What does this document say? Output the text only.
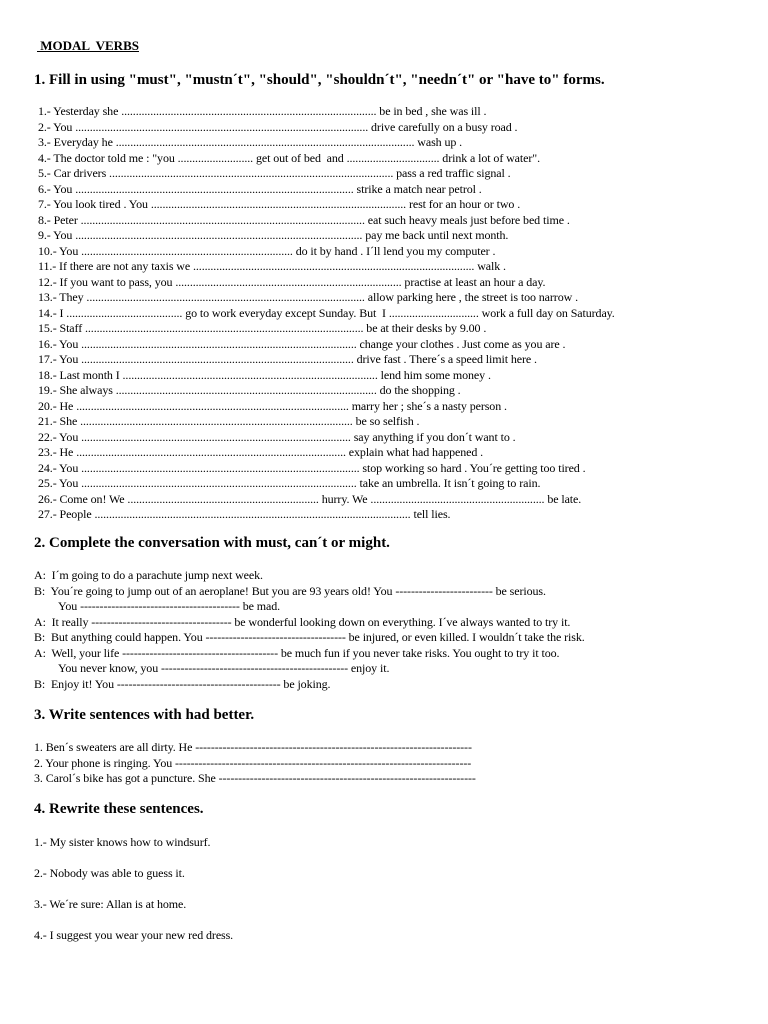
MODAL  VERBS
1. Fill in using "must", "mustn´t", "should", "shouldn´t", "needn´t" or "have to" forms.
1.- Yesterday she ........................................................................................ be in bed , she was ill .
2.- You ..................................................................................................... drive carefully on a busy road .
3.- Everyday he ....................................................................................................... wash up .
4.- The doctor told me : "you .......................... get out of bed  and ................................ drink a lot of water".
5.- Car drivers .................................................................................................. pass a red traffic signal .
6.- You ................................................................................................ strike a match near petrol .
7.- You look tired . You ........................................................................................ rest for an hour or two .
8.- Peter .................................................................................................. eat such heavy meals just before bed time .
9.- You ................................................................................................... pay me back until next month.
10.- You ......................................................................... do it by hand . I´ll lend you my computer .
11.- If there are not any taxis we ................................................................................................. walk .
12.- If you want to pass, you .............................................................................. practise at least an hour a day.
13.- They ................................................................................................ allow parking here , the street is too narrow .
14.- I ........................................ go to work everyday except Sunday. But  I ............................... work a full day on Saturday.
15.- Staff ................................................................................................ be at their desks by 9.00 .
16.- You ............................................................................................... change your clothes . Just come as you are .
17.- You .............................................................................................. drive fast . There´s a speed limit here .
18.- Last month I ........................................................................................ lend him some money .
19.- She always .......................................................................................... do the shopping .
20.- He .............................................................................................. marry her ; she´s a nasty person .
21.- She .............................................................................................. be so selfish .
22.- You ............................................................................................. say anything if you don´t want to .
23.- He ............................................................................................. explain what had happened .
24.- You ................................................................................................ stop working so hard . You´re getting too tired .
25.- You ............................................................................................... take an umbrella. It isn´t going to rain.
26.- Come on! We .................................................................. hurry. We ............................................................ be late.
27.- People ............................................................................................................. tell lies.
2. Complete the conversation with must, can´t or might.
A:  I´m going to do a parachute jump next week.
B:  You´re going to jump out of an aeroplane! But you are 93 years old! You ------------------------- be serious.
You ----------------------------------------- be mad.
A:  It really ------------------------------------ be wonderful looking down on everything. I´ve always wanted to try it.
B:  But anything could happen. You ------------------------------------ be injured, or even killed. I wouldn´t take the risk.
A:  Well, your life ---------------------------------------- be much fun if you never take risks. You ought to try it too.
You never know, you ------------------------------------------------ enjoy it.
B:  Enjoy it! You ------------------------------------------ be joking.
3. Write sentences with had better.
1. Ben´s sweaters are all dirty. He -----------------------------------------------------------------------
2. Your phone is ringing. You ----------------------------------------------------------------------------
3. Carol´s bike has got a puncture. She ------------------------------------------------------------------
4. Rewrite these sentences.
1.- My sister knows how to windsurf.
2.- Nobody was able to guess it.
3.- We´re sure: Allan is at home.
4.- I suggest you wear your new red dress.
